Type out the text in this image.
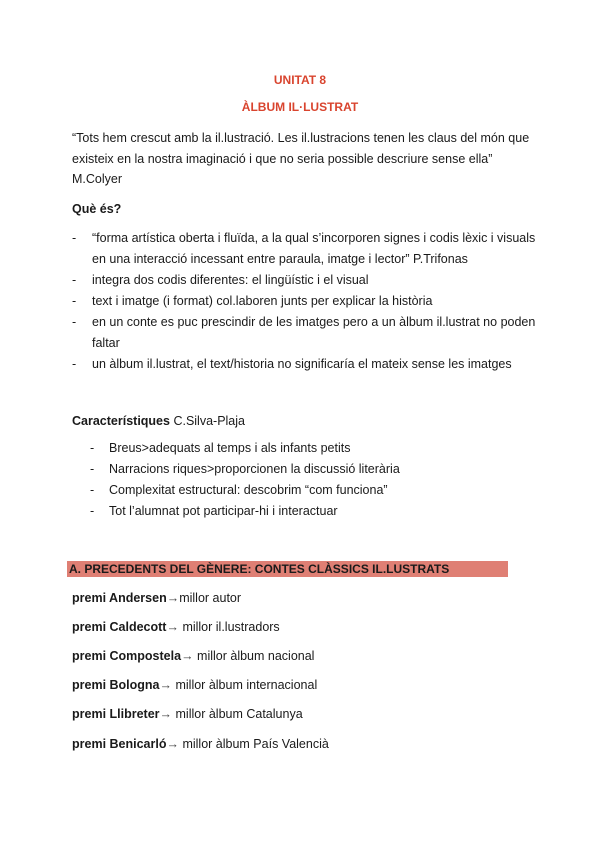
UNITAT 8
ÀLBUM IL·LUSTRAT
“Tots hem crescut amb la il.lustració. Les il.lustracions tenen les claus del món que
existeix en la nostra imaginació i que no seria possible descriure sense ella”
M.Colyer
Què és?
- “forma artística oberta i fluïda, a la qual s’incorporen signes i codis lèxic i visuals
en una interacció incessant entre paraula, imatge i lector” P.Trifonas
- integra dos codis diferentes: el lingüístic i el visual
- text i imatge (i format) col.laboren junts per explicar la història
- en un conte es puc prescindir de les imatges pero a un àlbum il.lustrat no poden
faltar
- un àlbum il.lustrat, el text/historia no significaría el mateix sense les imatges
Característiques C.Silva-Plaja
- Breus>adequats al temps i als infants petits
- Narracions riques>proporcionen la discussió literària
- Complexitat estructural: descobrim “com funciona”
- Tot l’alumnat pot participar-hi i interactuar
A. PRECEDENTS DEL GÈNERE: CONTES CLÀSSICS IL.LUSTRATS
premi Andersen→millor autor
premi Caldecott→ millor il.lustradors
premi Compostela→ millor àlbum nacional
premi Bologna→ millor àlbum internacional
premi Llibreter→ millor àlbum Catalunya
premi Benicarló→ millor àlbum País Valencià
